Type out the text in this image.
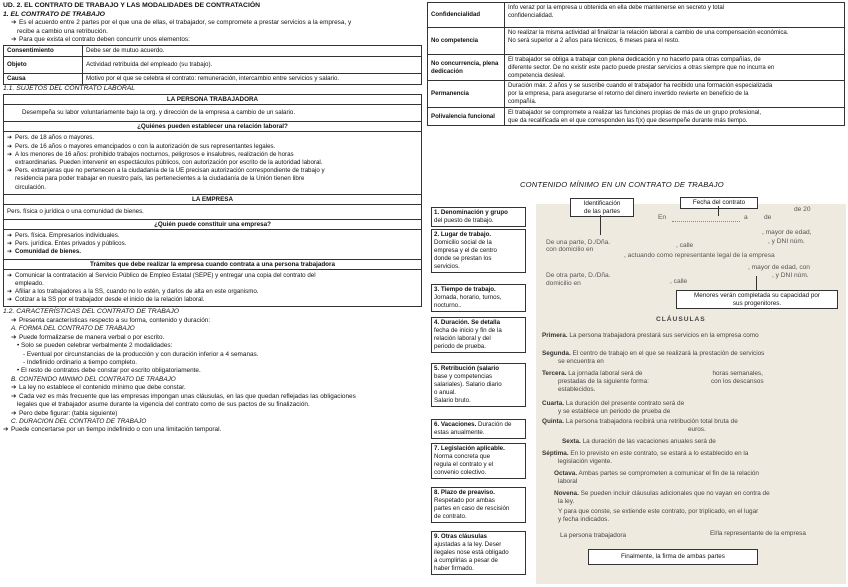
UD. 2. EL CONTRATO DE TRABAJO Y LAS MODALIDADES DE CONTRATACIÓN
1. EL CONTRATO DE TRABAJO
➔ Es el acuerdo entre 2 partes por el que una de ellas, el trabajador, se compromete a prestar servicios a la empresa, y
recibe a cambio una retribución.
➔ Para que exista el contrato deben concurrir unos elementos:
Consentimiento	Debe ser de mutuo acuerdo.
Objeto	Actividad retribuida del empleado (su trabajo).
Causa	Motivo por el que se celebra el contrato: remuneración, intercambio entre servicios y salario.
1.1. SUJETOS DEL CONTRATO LABORAL
LA PERSONA TRABAJADORA
Desempeña su labor voluntariamente bajo la org. y dirección de la empresa a cambio de un salario.
¿Quiénes pueden establecer una relación laboral?
➔ Pers. de 18 años o mayores.
➔ Pers. de 16 años o mayores emancipados o con la autorización de sus representantes legales.
➔ A los menores de 16 años: prohibido trabajos nocturnos, peligrosos e insalubres, realización de horas
extraordinarias. Pueden intervenir en espectáculos públicos, con autorización por escrito de la autoridad laboral.
➔ Pers. extranjeras que no pertenecen a la ciudadanía de la UE precisan autorización correspondiente de trabajo y
residencia para poder trabajar en nuestro país, las pertenecientes a la ciudadanía de la Unión tienen libre
circulación.
LA EMPRESA
Pers. física o jurídica o una comunidad de bienes.
¿Quién puede constituir una empresa?
➔ Pers. física. Empresarios individuales.
➔ Pers. jurídica. Entes privados y públicos.
➔ Comunidad de bienes.
Trámites que debe realizar la empresa cuando contrata a una persona trabajadora
➔ Comunicar la contratación al Servicio Público de Empleo Estatal (SEPE) y entregar una copia del contrato del
empleado.
➔ Afiliar a los trabajadores a la SS, cuando no lo estén, y darlos de alta en este organismo.
➔ Cotizar a la SS por el trabajador desde el inicio de la relación laboral.
1.2. CARACTERÍSTICAS DEL CONTRATO DE TRABAJO
➔ Presenta características respecto a su forma, contenido y duración:
A. FORMA DEL CONTRATO DE TRABAJO
➔ Puede formalizarse de manera verbal o por escrito.
• Solo se pueden celebrar verbalmente 2 modalidades:
- Eventual por circunstancias de la producción y con duración inferior a 4 semanas.
- Indefinido ordinario a tiempo completo.
• El resto de contratos debe constar por escrito obligatoriamente.
B. CONTENIDO MÍNIMO DEL CONTRATO DE TRABAJO
➔ La ley no establece el contenido mínimo que debe constar.
➔ Cada vez es más frecuente que las empresas impongan unas cláusulas, en las que quedan reflejadas las obligaciones
legales que el trabajador asume durante la vigencia del contrato como de sus pactos de su finalización.
➔ Pero debe figurar: (tabla siguiente)
C. DURACIÓN DEL CONTRATO DE TRABAJO
➔ Puede concertarse por un tiempo indefinido o con una limitación temporal.
Confidencialidad	Info veraz por la empresa u obtenida en ella debe mantenerse en secreto y total
confidencialidad.

No competencia	No realizar la misma actividad al finalizar la relación laboral a cambio de una compensación económica.
No será superior a 2 años para técnicos, 6 meses para el resto.

No concurrencia, plena dedicación	El trabajador se obliga a trabajar con plena dedicación y no hacerlo para otras compañías, de
diferente sector. De no existir este pacto puede prestar servicios a otras siempre que no incurra en
competencia desleal.

Permanencia	Duración máx. 2 años y se suscribe cuando el trabajador ha recibido una formación especializada
por la empresa, para asegurarse el retorno del dinero invertido revierte en beneficio de la
compañía.

Polivalencia funcional	El trabajador se compromete a realizar las funciones propias de más de un grupo profesional,
que da recalificada en el que corresponden las f(x) que desempeñe durante más tiempo.
CONTENIDO MÍNIMO EN UN CONTRATO DE TRABAJO
1. Denominación y grupo
del puesto de trabajo.
2. Lugar de trabajo.
Domicilio social de la
empresa y el de centro
donde se prestan los
servicios.
3. Tiempo de trabajo.
Jornada, horario, turnos,
nocturno..
4. Duración. Se detalla
fecha de inicio y fin de la
relación laboral y del
periodo de prueba.
5. Retribución (salario
base y competencias
salariales). Salario diario
o anual.
Salario bruto.
6. Vacaciones. Duración de
estas anualmente.
7. Legislación aplicable.
Norma concreta que
regula el contrato y el
convenio colectivo.
8. Plazo de preaviso.
Respetado por ambas
partes en caso de rescisión
de contrato.
9. Otras cláusulas
ajustadas a la ley. Deser
ilegales nose está obligado
a cumplirlas a pesar de
haber firmado.
En	a de
de 20
De una parte, D./Dña.
, mayor de edad,
con domicilio en
, calle
, y DNI núm.
, actuando como representante legal de la empresa
De otra parte, D./Dña.
, mayor de edad, con
domicilio en	, calle
, y DNI núm.
CLÁUSULAS
Primera. La persona trabajadora prestará sus servicios en la empresa como
Segunda. El centro de trabajo en el que se realizará la prestación de servicios
se encuentra en
Tercera. La jornada laboral será de	horas semanales,
prestadas de la siguiente forma:	con los descansos
establecidos.
Cuarta. La duración del presente contrato será de
y se establece un periodo de prueba de
Quinta. La persona trabajadora recibirá una retribución total bruta de
euros.
Sexta. La duración de las vacaciones anuales será de
Séptima. En lo previsto en este contrato, se estará a lo establecido en la
legislación vigente.
Octava. Ambas partes se comprometen a comunicar el fin de la relación
laboral
Novena. Se pueden incluir cláusulas adicionales que no vayan en contra de
la ley.
Y para que conste, se extiende este contrato, por triplicado, en el lugar
y fecha indicados.
La persona trabajadora	El/la representante de la empresa
Identificación
de las partes
Fecha del contrato
Menores verán completada su capacidad por
sus progenitores.
Finalmente, la firma de ambas partes
